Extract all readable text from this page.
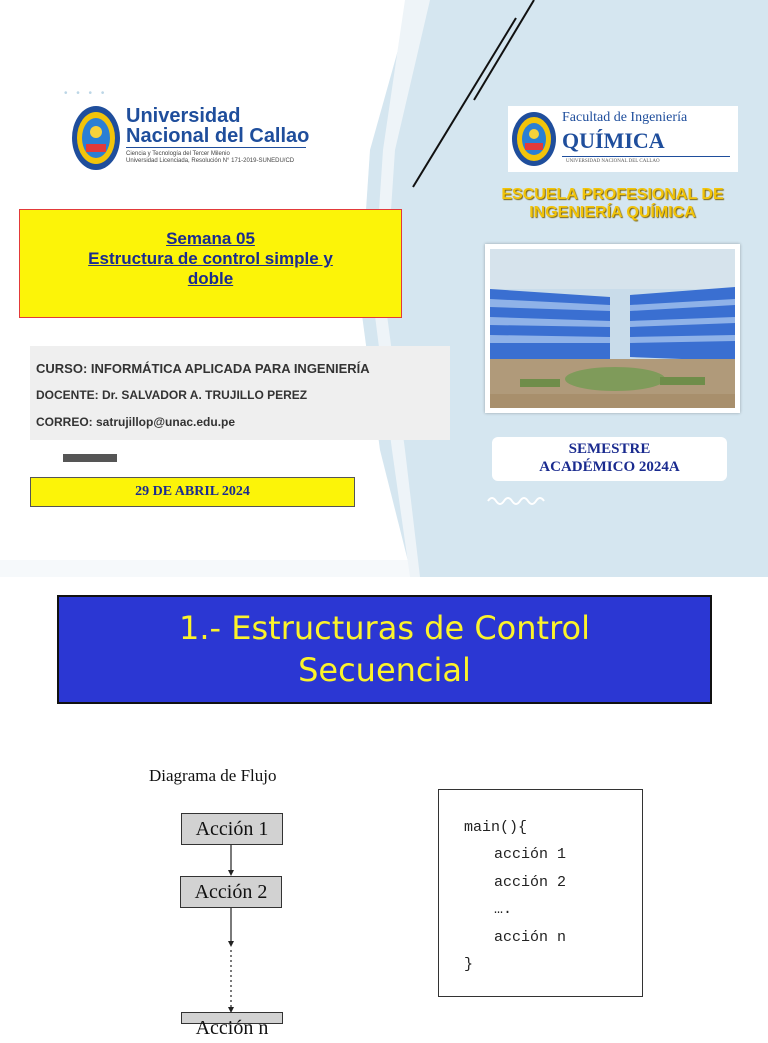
• • • •
Universidad
Nacional del Callao
Ciencia y Tecnología del Tercer Milenio
Universidad Licenciada, Resolución N° 171-2019-SUNEDU/CD
Semana 05
Estructura de control simple y
doble
CURSO: INFORMÁTICA APLICADA PARA INGENIERÍA
DOCENTE: Dr. SALVADOR A. TRUJILLO PEREZ
CORREO: satrujillop@unac.edu.pe
29 DE ABRIL 2024
Facultad de Ingeniería
QUÍMICA
UNIVERSIDAD NACIONAL DEL CALLAO
ESCUELA PROFESIONAL DE
INGENIERÍA QUÍMICA
SEMESTRE
ACADÉMICO 2024A
1.- Estructuras de Control
Secuencial
Diagrama de Flujo
Acción 1
Acción 2
Acción n
main(){
acción 1
acción 2
….
acción n
}
